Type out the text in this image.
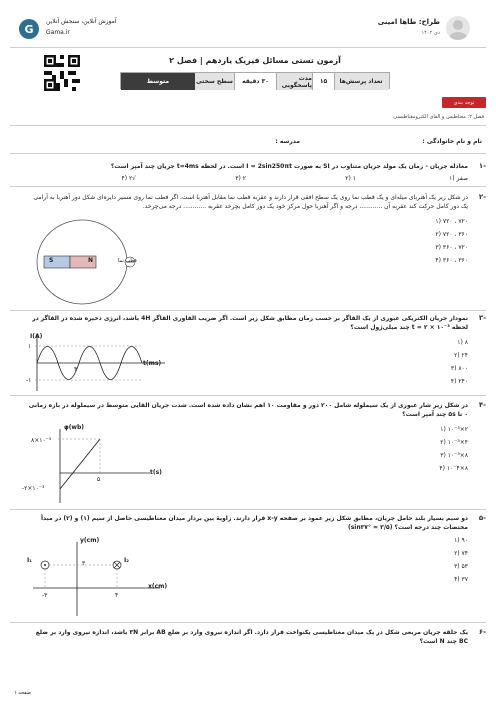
G
آموزش آنلاین، سنجش آنلاین
Gama.ir
طراح: طاها امینی
دی ۱۴۰۲
آزمون تستی مسائل فیزیک یازدهم | فصل ۲
تعداد پرسش‌ها
۱۵
مدت پاسخگویی
۳۰ دقیقه
سطح سختی
متوسط
توجه بندی
فصل ۲: مغناطیس و القای الکترومغناطیسی
نام و نام خانوادگی :
مدرسه :
۱-
معادله جریان - زمان یک مولد جریان متناوب در SI به صورت I = 2sin250πt است. در لحظه t=4ms جریان چند آمپر است؟
صفر (۱
۱ (۲
۲ (۳
√۲ (۴
۲-
در شکل زیر یک آهنربای میله‌ای و یک قطب نما روی یک سطح افقی قرار دارند و عقربه قطب نما مقابل آهنربا است. اگر قطب نما روی مسیر دایره‌ای شکل دور آهنربا به آرامی یک دور کامل حرکت کند عقربه آن ............ درجه و اگر آهنربا حول مرکز خود یک دور کامل بچرخد عقربه ............ درجه می‌چرخد.
۷۲۰ ، ۷۲۰ (۱
۳۶۰ ، ۷۲۰ (۲
۷۲۰ ، ۳۶۰ (۳
۳۶۰ ، ۳۶۰ (۴
S	N	قطب نما
۳-
نمودار جریان الکتریکی عبوری از یک القاگر بر حسب زمان مطابق شکل زیر است. اگر ضریب القاوری القاگر 4H باشد، انرژی ذخیره شده در القاگر در لحظه t = ۲ × ۱۰⁻³ چند میلی‌ژول است؟
۸ (۱
۲۴ (۲
۸۰۰ (۳
۲۴۰ (۴
I(A)
t(ms)
۱
-۱
۴
۴-
در شکل زیر شار عبوری از یک سیملوله شامل ۲۰۰ دور و مقاومت ۱۰ اهم نشان داده شده است. شدت جریان القایی متوسط در سیملوله در بازه زمانی ۰ تا ۵s چند آمپر است؟
۲×۱۰⁻³ (۱
۴×۱۰⁻³ (۲
۸×۱۰⁻³ (۳
۸×۱۰⁻۴ (۴
φ(wb)
t(s)
۸×۱۰⁻³
-۲×۱۰⁻³
۵
۵-
دو سیم بسیار بلند حامل جریان، مطابق شکل زیر عمود بر صفحه x-y قرار دارند. زاویهٔ بین بردار میدان مغناطیسی حاصل از سیم (۱) و (۲) در مبدأ مختصات چند درجه است؟ (sin۳۷° = ۳/۵)
۹۰ (۱
۷۴ (۲
۵۳ (۳
۳۷ (۴
y(cm)
x(cm)
I₁	I₂
۳
۴
-۳
۶-
یک حلقه جریان مربعی شکل در یک میدان مغناطیسی یکنواخت قرار دارد. اگر اندازه نیروی وارد بر ضلع AB برابر ۳N باشد، اندازه نیروی وارد بر ضلع BC چند N است؟
صفحه ۱
